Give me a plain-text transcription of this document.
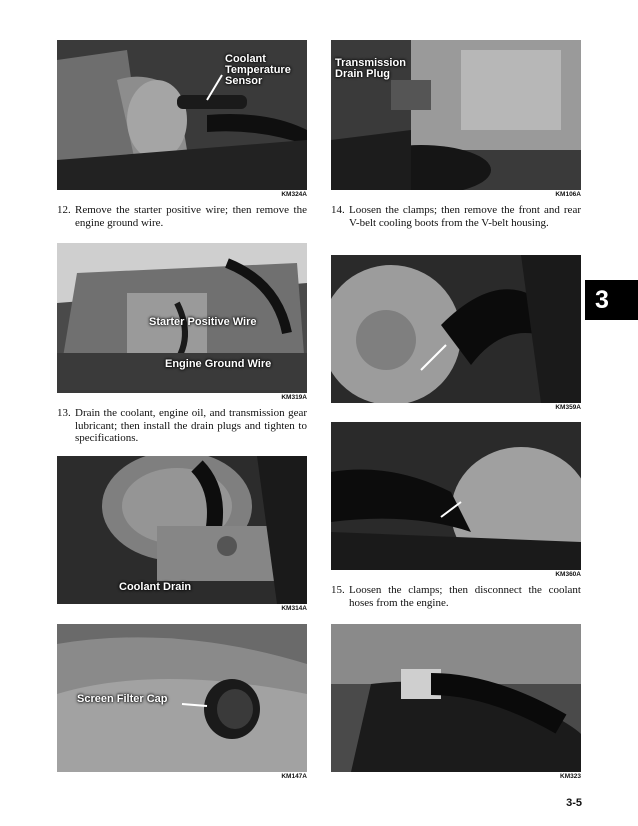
Coolant
Temperature
Sensor
KM324A
12. Remove the starter positive wire; then remove the engine ground wire.
Starter Positive Wire
Engine Ground Wire
KM319A
13. Drain the coolant, engine oil, and transmission gear lubricant; then install the drain plugs and tighten to specifications.
Coolant Drain
KM314A
Screen Filter Cap
KM147A
Transmission
Drain Plug
KM106A
14. Loosen the clamps; then remove the front and rear V-belt cooling boots from the V-belt housing.
KM359A
KM360A
15. Loosen the clamps; then disconnect the coolant hoses from the engine.
KM323
3
3-5
